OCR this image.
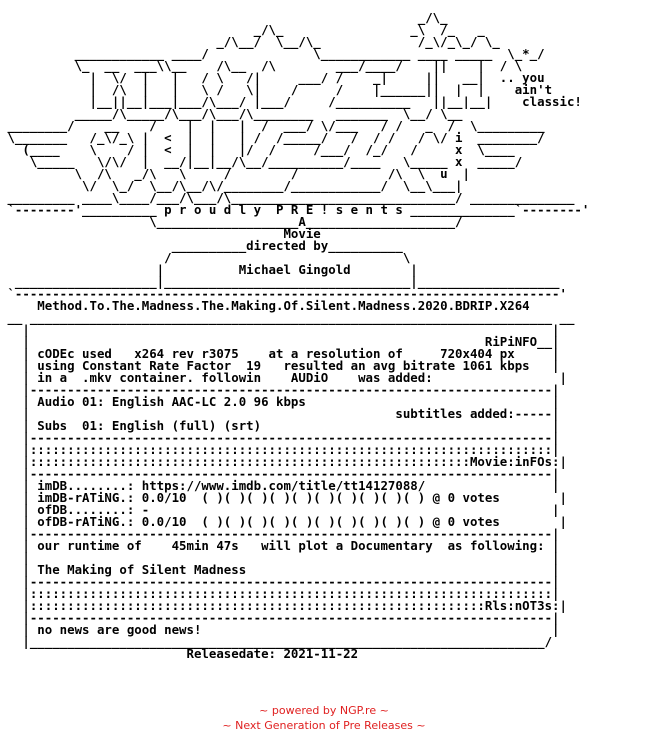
_/\_
_/\_                 _\  /_   _
_/\__/  \__/\_             /_\/_\_/ \_
____________ ____/              \____________ ____ _____  \_*_/
\_  __  ___\\__    /\__  /\        ___/____/    ||    |  / \
|  \/  |   |   / \   /|     ___/ /    _|     ||   __|  .. you
|  /\  |   |   \ /   \|    /     /    |______||  |  |    ain't
|__||__|___|___/\___/ |___/     /__________   ||__|__|    classic!
_____/\_____/\___/\___/\________   _______  \__/ \__
________/    __    /    |  |   |  /  ___/ \/___   / /   _  /  \_________
\_______   /_\/_\ |  <  |  |   | /  /_____/   /  / /   / \/ i  ________/
(____    \    / |  <  |  |   |/  /     /___/  /_/   /     x  \____
\_____   \/\/  |  __/|__|__/\__/__________/____   \_____ x  _____/
\  /\   _/\   \     /        /            /\  \  u  |
\/  \_/  \__/\__/\/________/____________/  \__\___|
_________ ____\____/___/\___/\______________________________/ ______________
`--------'__________ p r o u d l y  P R E ! s e n t s ______________`--------'
\___________________A____________________/
Movie
__________directed by__________
/                               \
|          Michael Gingold        |
___________________|_________________________________|___________________
`-------------------------------------------------------------------------'
Method.To.The.Madness.The.Making.Of.Silent.Madness.2020.BDRIP.X264
__ ______________________________________________________________________ __
|                                                                      |
|                                                             RiPiNFO__|
| cODEc used   x264 rev r3075    at a resolution of     720x404 px     |
| using Constant Rate Factor  19   resulted an avg bitrate 1061 kbps   |
| in a  .mkv container. followin    AUDiO    was added:                 |
|----------------------------------------------------------------------|
| Audio 01: English AAC-LC 2.0 96 kbps                                 |
|                                                 subtitles added:-----|
| Subs  01: English (full) (srt)                                       |
|----------------------------------------------------------------------|
|::::::::::::::::::::::::::::::::::::::::::::::::::::::::::::::::::::::|
|:::::::::::::::::::::::::::::::::::::::::::::::::::::::::::Movie:inFOs:|
|----------------------------------------------------------------------|
| imDB........: https://www.imdb.com/title/tt14127088/                 |
| imDB-rATiNG.: 0.0/10  ( )( )( )( )( )( )( )( )( )( ) @ 0 votes        |
| ofDB........: -                                                      |
| ofDB-rATiNG.: 0.0/10  ( )( )( )( )( )( )( )( )( )( ) @ 0 votes        |
|----------------------------------------------------------------------|
| our runtime of    45min 47s   will plot a Documentary  as following: |
|                                                                      |
| The Making of Silent Madness                                         |
|----------------------------------------------------------------------|
|::::::::::::::::::::::::::::::::::::::::::::::::::::::::::::::::::::::|
|:::::::::::::::::::::::::::::::::::::::::::::::::::::::::::::Rls:nOT3s:|
|----------------------------------------------------------------------|
| no news are good news!                                               |
|_____________________________________________________________________/
Releasedate: 2021-11-22
~ powered by NGP.re ~
~ Next Generation of Pre Releases ~
